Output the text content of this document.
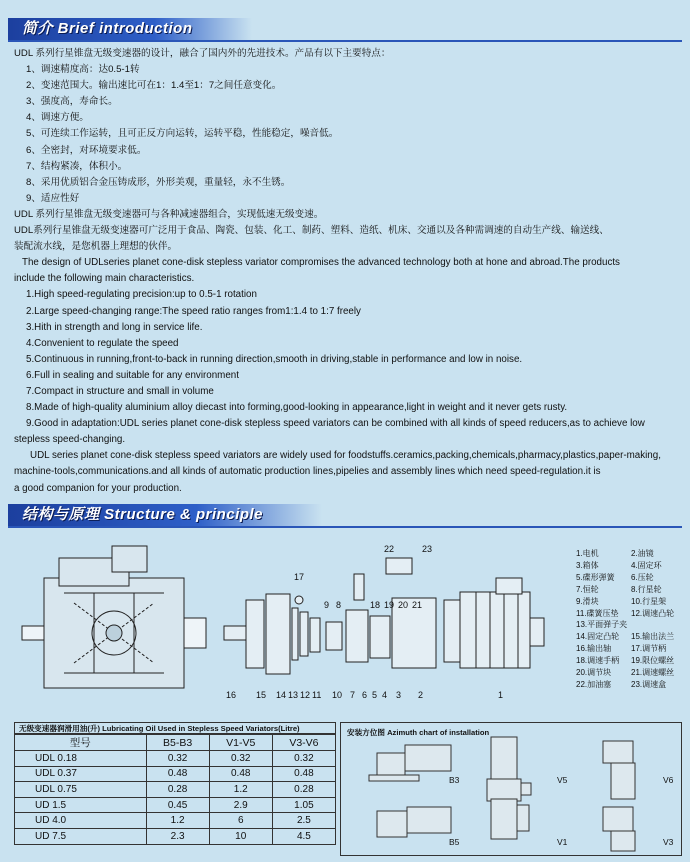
简介 Brief introduction

UDL 系列行星锥盘无级变速器的设计，融合了国内外的先进技术。产品有以下主要特点：

1、调速精度高：达0.5-1转

2、变速范围大。输出速比可在1：1.4至1：7之间任意变化。

3、强度高，寿命长。

4、调速方便。

5、可连续工作运转，且可正反方向运转，运转平稳，性能稳定，噪音低。

6、全密封，对环境要求低。

7、结构紧凑，体积小。

8、采用优质铝合金压铸成形，外形美观，重量轻，永不生锈。

9、适应性好

UDL 系列行星锥盘无级变速器可与各种减速器组合，实现低速无级变速。

UDL系列行星锥盘无级变速器可广泛用于食品、陶瓷、包装、化工、制药、塑料、造纸、机床、交通以及各种需调速的自动生产线、输送线、

装配流水线，是您机器上理想的伙伴。

The design of UDLseries planet cone-disk stepless variator compromises the advanced technology both at hone and abroad.The products

include the following main characteristics.

1.High speed-regulating precision:up to 0.5-1 rotation

2.Large speed-changing range:The speed ratio ranges from1:1.4 to 1:7 freely

3.Hith in strength and long in service life.

4.Convenient to regulate the speed

5.Continuous in running,front-to-back in running direction,smooth in driving,stable in performance and low in noise.

6.Full in sealing and suitable for any environment

7.Compact in structure and small in volume

8.Made of high-quality aluminium alloy diecast into forming,good-looking in appearance,light in weight and it never gets rusty.

9.Good in adaptation:UDL series planet cone-disk stepless speed variators can be combined with all kinds of speed reducers,as to achieve low

stepless speed-changing.

UDL series planet cone-disk stepless speed variators are widely used for foodstuffs.ceramics,packing,chemicals,pharmacy,plastics,paper-making,

machine-tools,communications.and all kinds of automatic production lines,pipelies and assembly lines which need speed-regulation.it is

a good companion for your production.

结构与原理 Structure & principle
16 15 14 13 12 11 10 7 6 5 4 3 2	1
17
9 8	18 19 20 21
22	23	1.电机	2.油镜
3.箱体	4.固定环
5.碟形弹簧	6.压轮
7.恒轮	8.行星轮
9.滑块	10.行星架
11.碟簧压垫	12.调速凸轮
13.平面弹子夹
14.固定凸轮	15.输出法兰
16.输出轴	17.调节柄
18.调速手柄	19.限位螺丝
20.调节块	21.调速螺丝
22.加油塞	23.调速盒
无级变速器润滑用油(升) Lubricating Oil Used in Stepless Speed Variators(Litre)
型号	B5-B3	V1-V5	V3-V6
UDL 0.18	0.32	0.32	0.32
UDL 0.37	0.48	0.48	0.48
UDL 0.75	0.28	1.2	0.28
UD 1.5	0.45	2.9	1.05
UD 4.0	1.2	6	2.5
UD 7.5	2.3	10	4.5
安装方位图 Azimuth chart of installation
B3	V5	V6
B5	V1	V3
